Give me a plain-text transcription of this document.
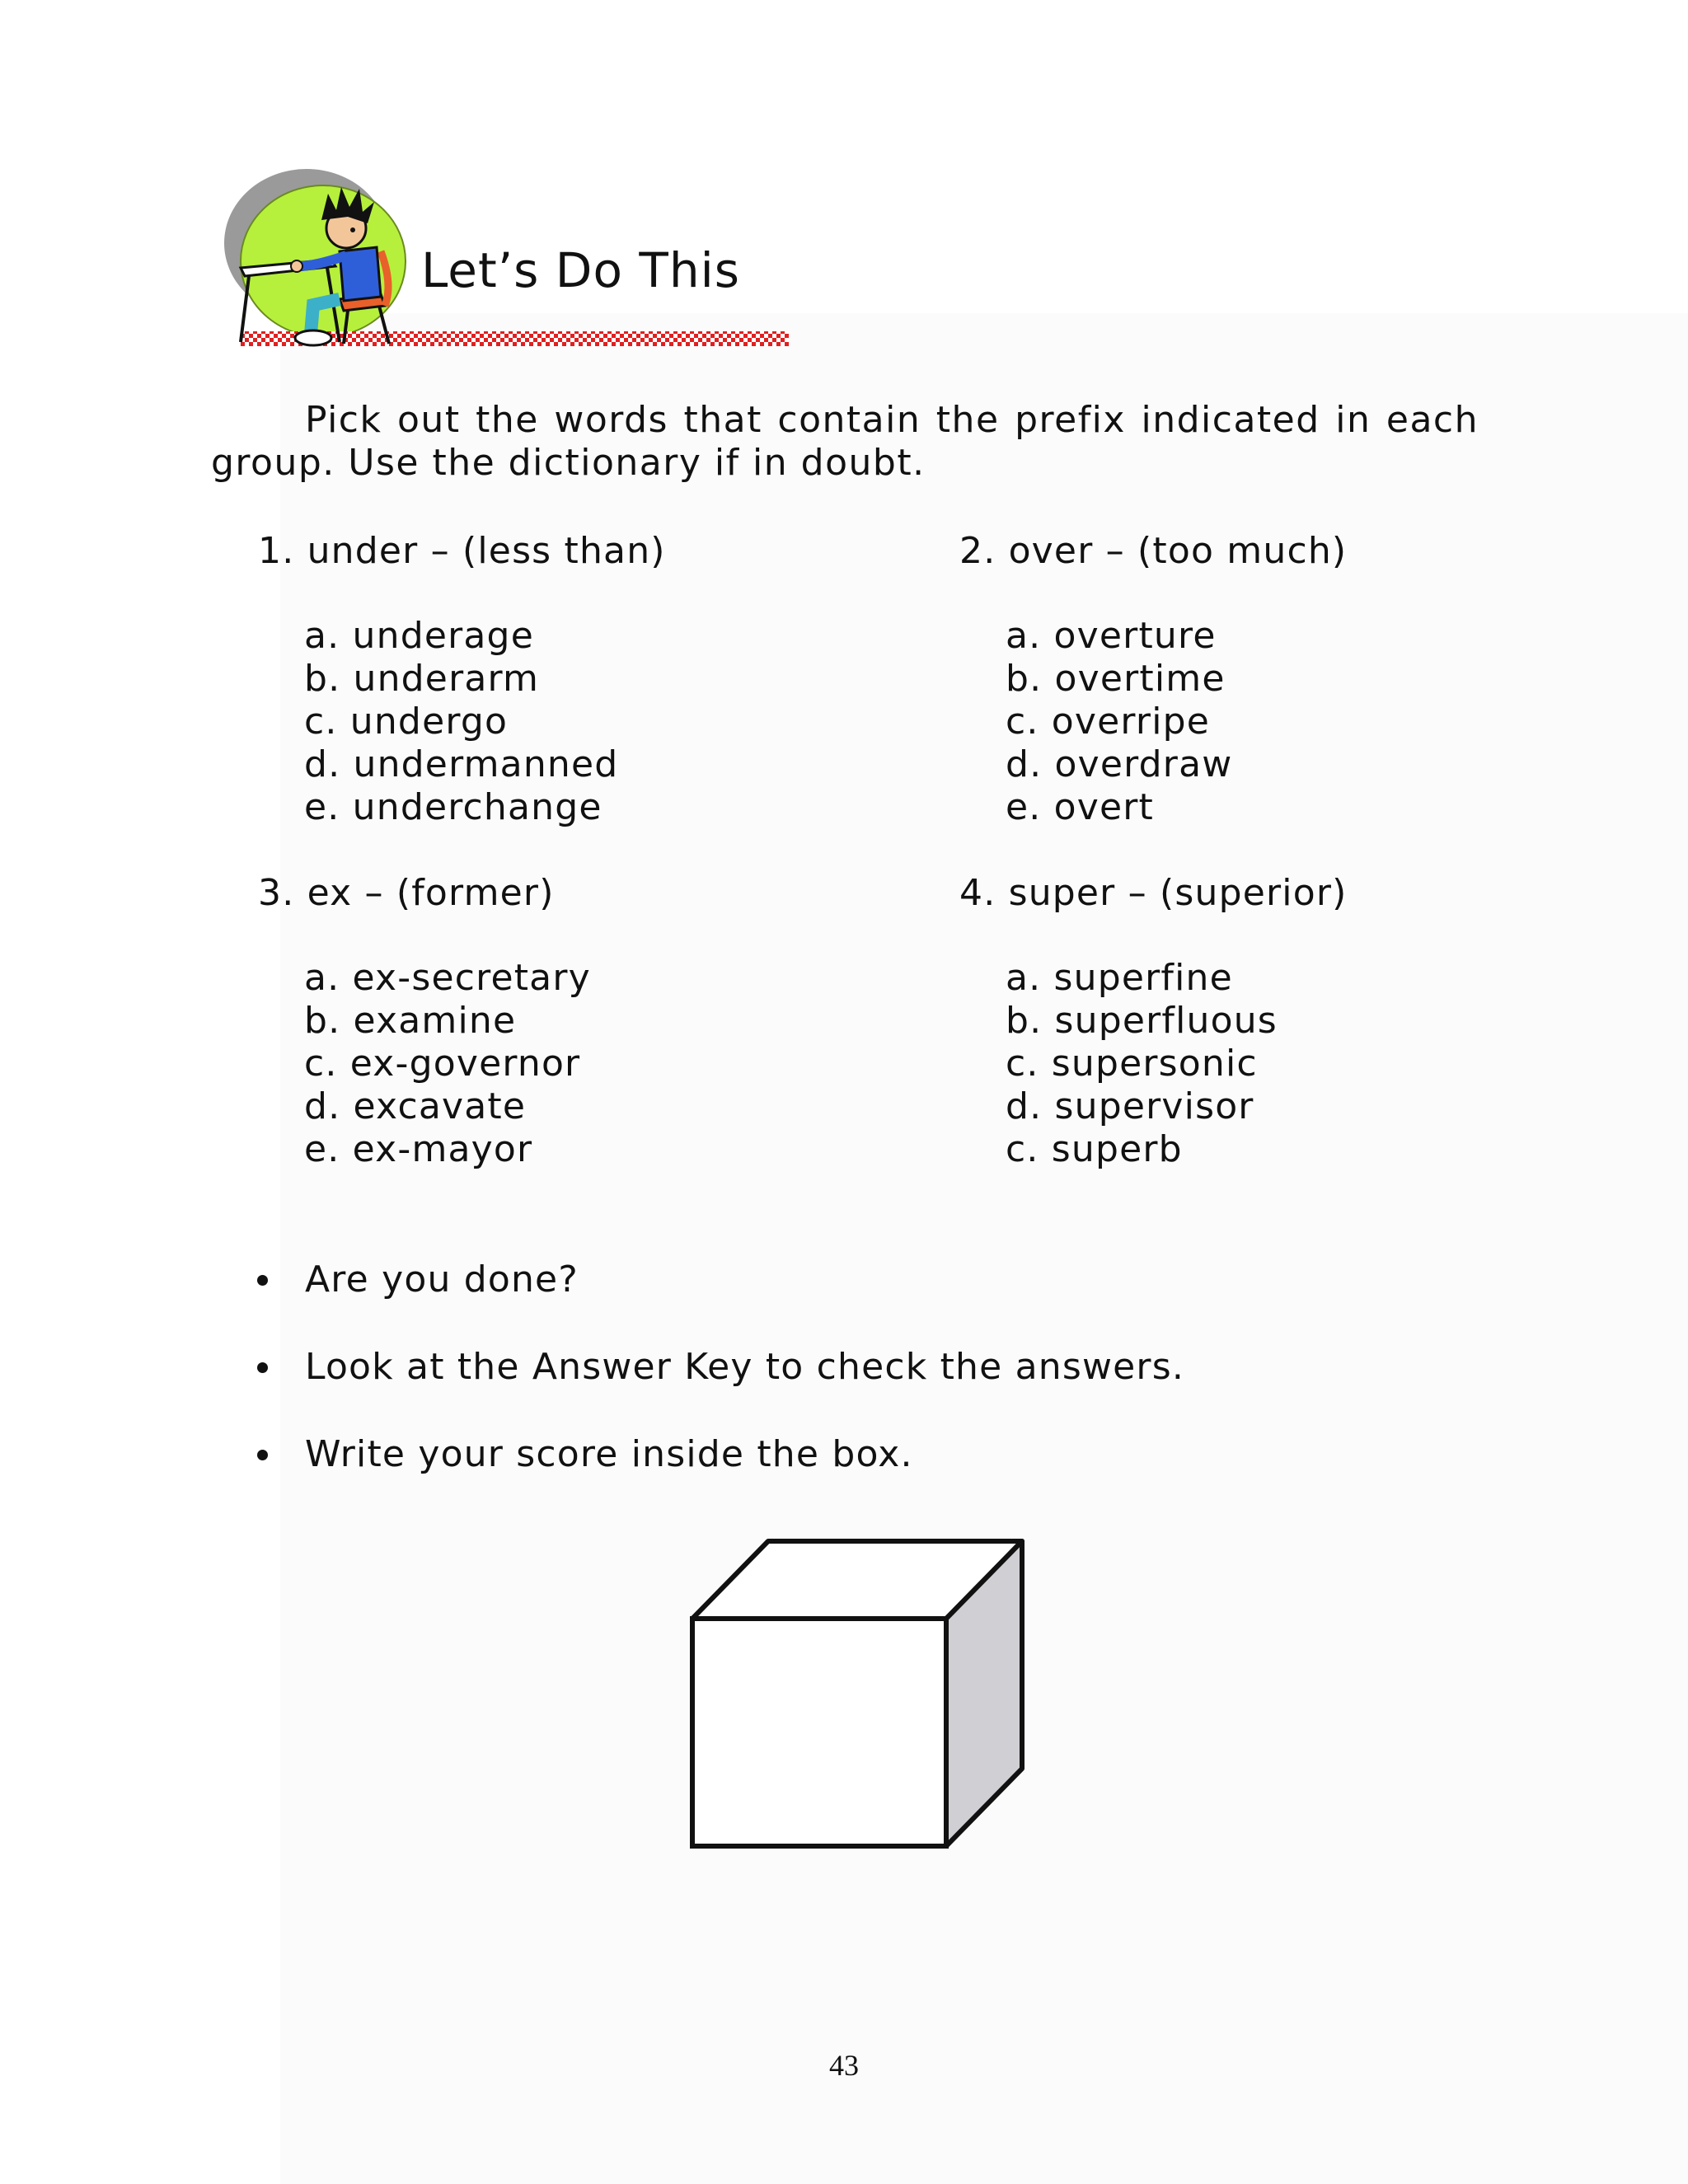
Let’s Do This

Pick out the words that contain the prefix indicated in each group. Use the dictionary if in doubt.

1. under – (less than)

a. underage
b. underarm
c. undergo
d. undermanned
e. underchange

2. over – (too much)

a. overture
b. overtime
c. overripe
d. overdraw
e. overt

3. ex – (former)

a. ex-secretary
b. examine
c. ex-governor
d. excavate
e. ex-mayor

4. super – (superior)

a. superfine
b. superfluous
c. supersonic
d. supervisor
c. superb
Are you done?
Look at the Answer Key to check the answers.
Write your score inside the box.
43
